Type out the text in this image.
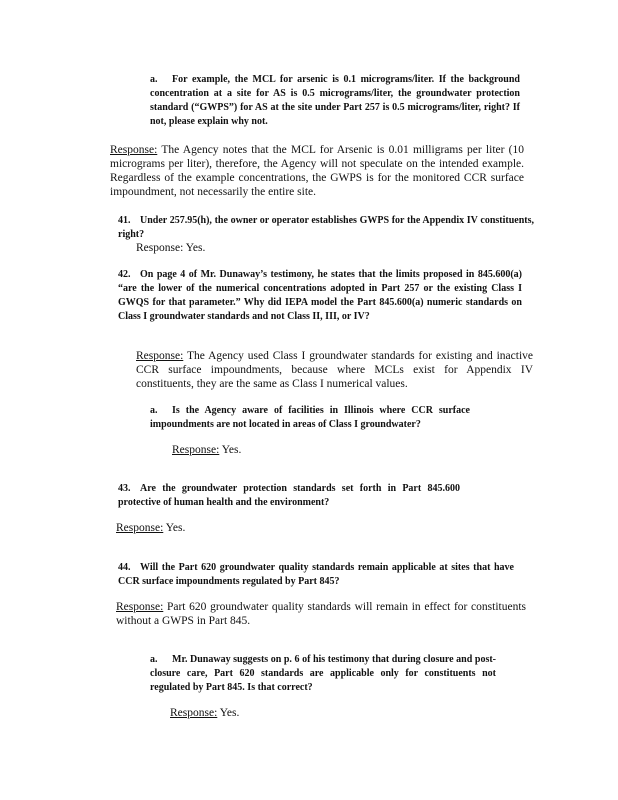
a. For example, the MCL for arsenic is 0.1 micrograms/liter. If the background concentration at a site for AS is 0.5 micrograms/liter, the groundwater protection standard (“GWPS”) for AS at the site under Part 257 is 0.5 micrograms/liter, right? If not, please explain why not.
Response: The Agency notes that the MCL for Arsenic is 0.01 milligrams per liter (10 micrograms per liter), therefore, the Agency will not speculate on the intended example. Regardless of the example concentrations, the GWPS is for the monitored CCR surface impoundment, not necessarily the entire site.
41. Under 257.95(h), the owner or operator establishes GWPS for the Appendix IV constituents, right?
Response: Yes.
42. On page 4 of Mr. Dunaway’s testimony, he states that the limits proposed in 845.600(a) “are the lower of the numerical concentrations adopted in Part 257 or the existing Class I GWQS for that parameter.” Why did IEPA model the Part 845.600(a) numeric standards on Class I groundwater standards and not Class II, III, or IV?
Response: The Agency used Class I groundwater standards for existing and inactive CCR surface impoundments, because where MCLs exist for Appendix IV constituents, they are the same as Class I numerical values.
a. Is the Agency aware of facilities in Illinois where CCR surface impoundments are not located in areas of Class I groundwater?
Response: Yes.
43. Are the groundwater protection standards set forth in Part 845.600 protective of human health and the environment?
Response: Yes.
44. Will the Part 620 groundwater quality standards remain applicable at sites that have CCR surface impoundments regulated by Part 845?
Response: Part 620 groundwater quality standards will remain in effect for constituents without a GWPS in Part 845.
a. Mr. Dunaway suggests on p. 6 of his testimony that during closure and post- closure care, Part 620 standards are applicable only for constituents not regulated by Part 845. Is that correct?
Response: Yes.
